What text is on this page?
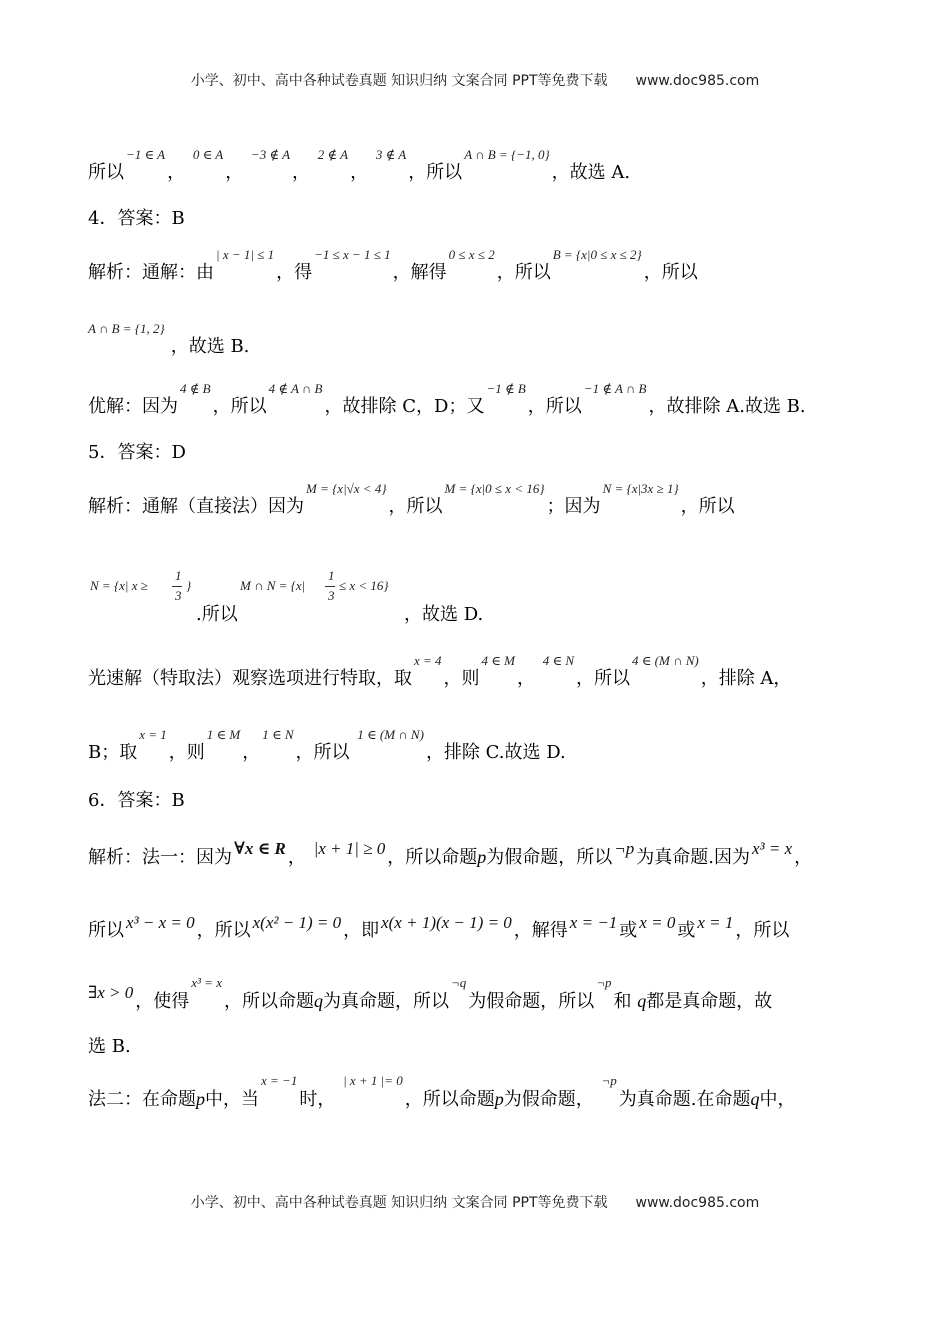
小学、初中、高中各种试卷真题 知识归纳 文案合同 PPT等免费下载 www.doc985.com
所以−1 ∈ A， 0 ∈ A， −3 ∉ A， 2 ∉ A， 3 ∉ A，所以A ∩ B = {−1, 0}，故选 A.
4．答案：B
解析：通解：由| x − 1| ≤ 1，得−1 ≤ x − 1 ≤ 1，解得0 ≤ x ≤ 2，所以B = {x|0 ≤ x ≤ 2}，所以
A ∩ B = {1, 2}，故选 B.
优解：因为4 ∉ B，所以4 ∉ A ∩ B，故排除 C，D；又−1 ∉ B，所以−1 ∉ A ∩ B，故排除 A.故选 B.
5．答案：D
解析：通解（直接法）因为M = {x|√x < 4}，所以M = {x|0 ≤ x < 16}；因为N = {x|3x ≥ 1}，所以
N = {x| x ≥
1
3
}	M ∩ N = {x|
1
3
≤ x < 16}
.所以	，故选 D.
光速解（特取法）观察选项进行特取，取x = 4，则4 ∈ M， 4 ∈ N，所以4 ∈ (M ∩ N)，排除 A，
B；取x = 1，则1 ∈ M，1 ∈ N，所以 1 ∈ (M ∩ N)，排除 C.故选 D.
6．答案：B
解析：法一：因为 ∀x ∈ R ， |x + 1| ≥ 0 ，所以命题p为假命题，所以 ¬p 为真命题.因为 x³ = x ，
所以 x³ − x = 0 ，所以 x(x² − 1) = 0 ，即 x(x + 1)(x − 1) = 0 ，解得 x = −1 或 x = 0 或 x = 1 ，所以
∃x > 0 ，使得x³ = x，所以命题q为真命题，所以¬q为假命题，所以¬p和 q都是真命题，故
选 B.
法二：在命题p中，当x = −1时， | x + 1 |= 0，所以命题p为假命题， ¬p为真命题.在命题q中，
小学、初中、高中各种试卷真题 知识归纳 文案合同 PPT等免费下载 www.doc985.com
